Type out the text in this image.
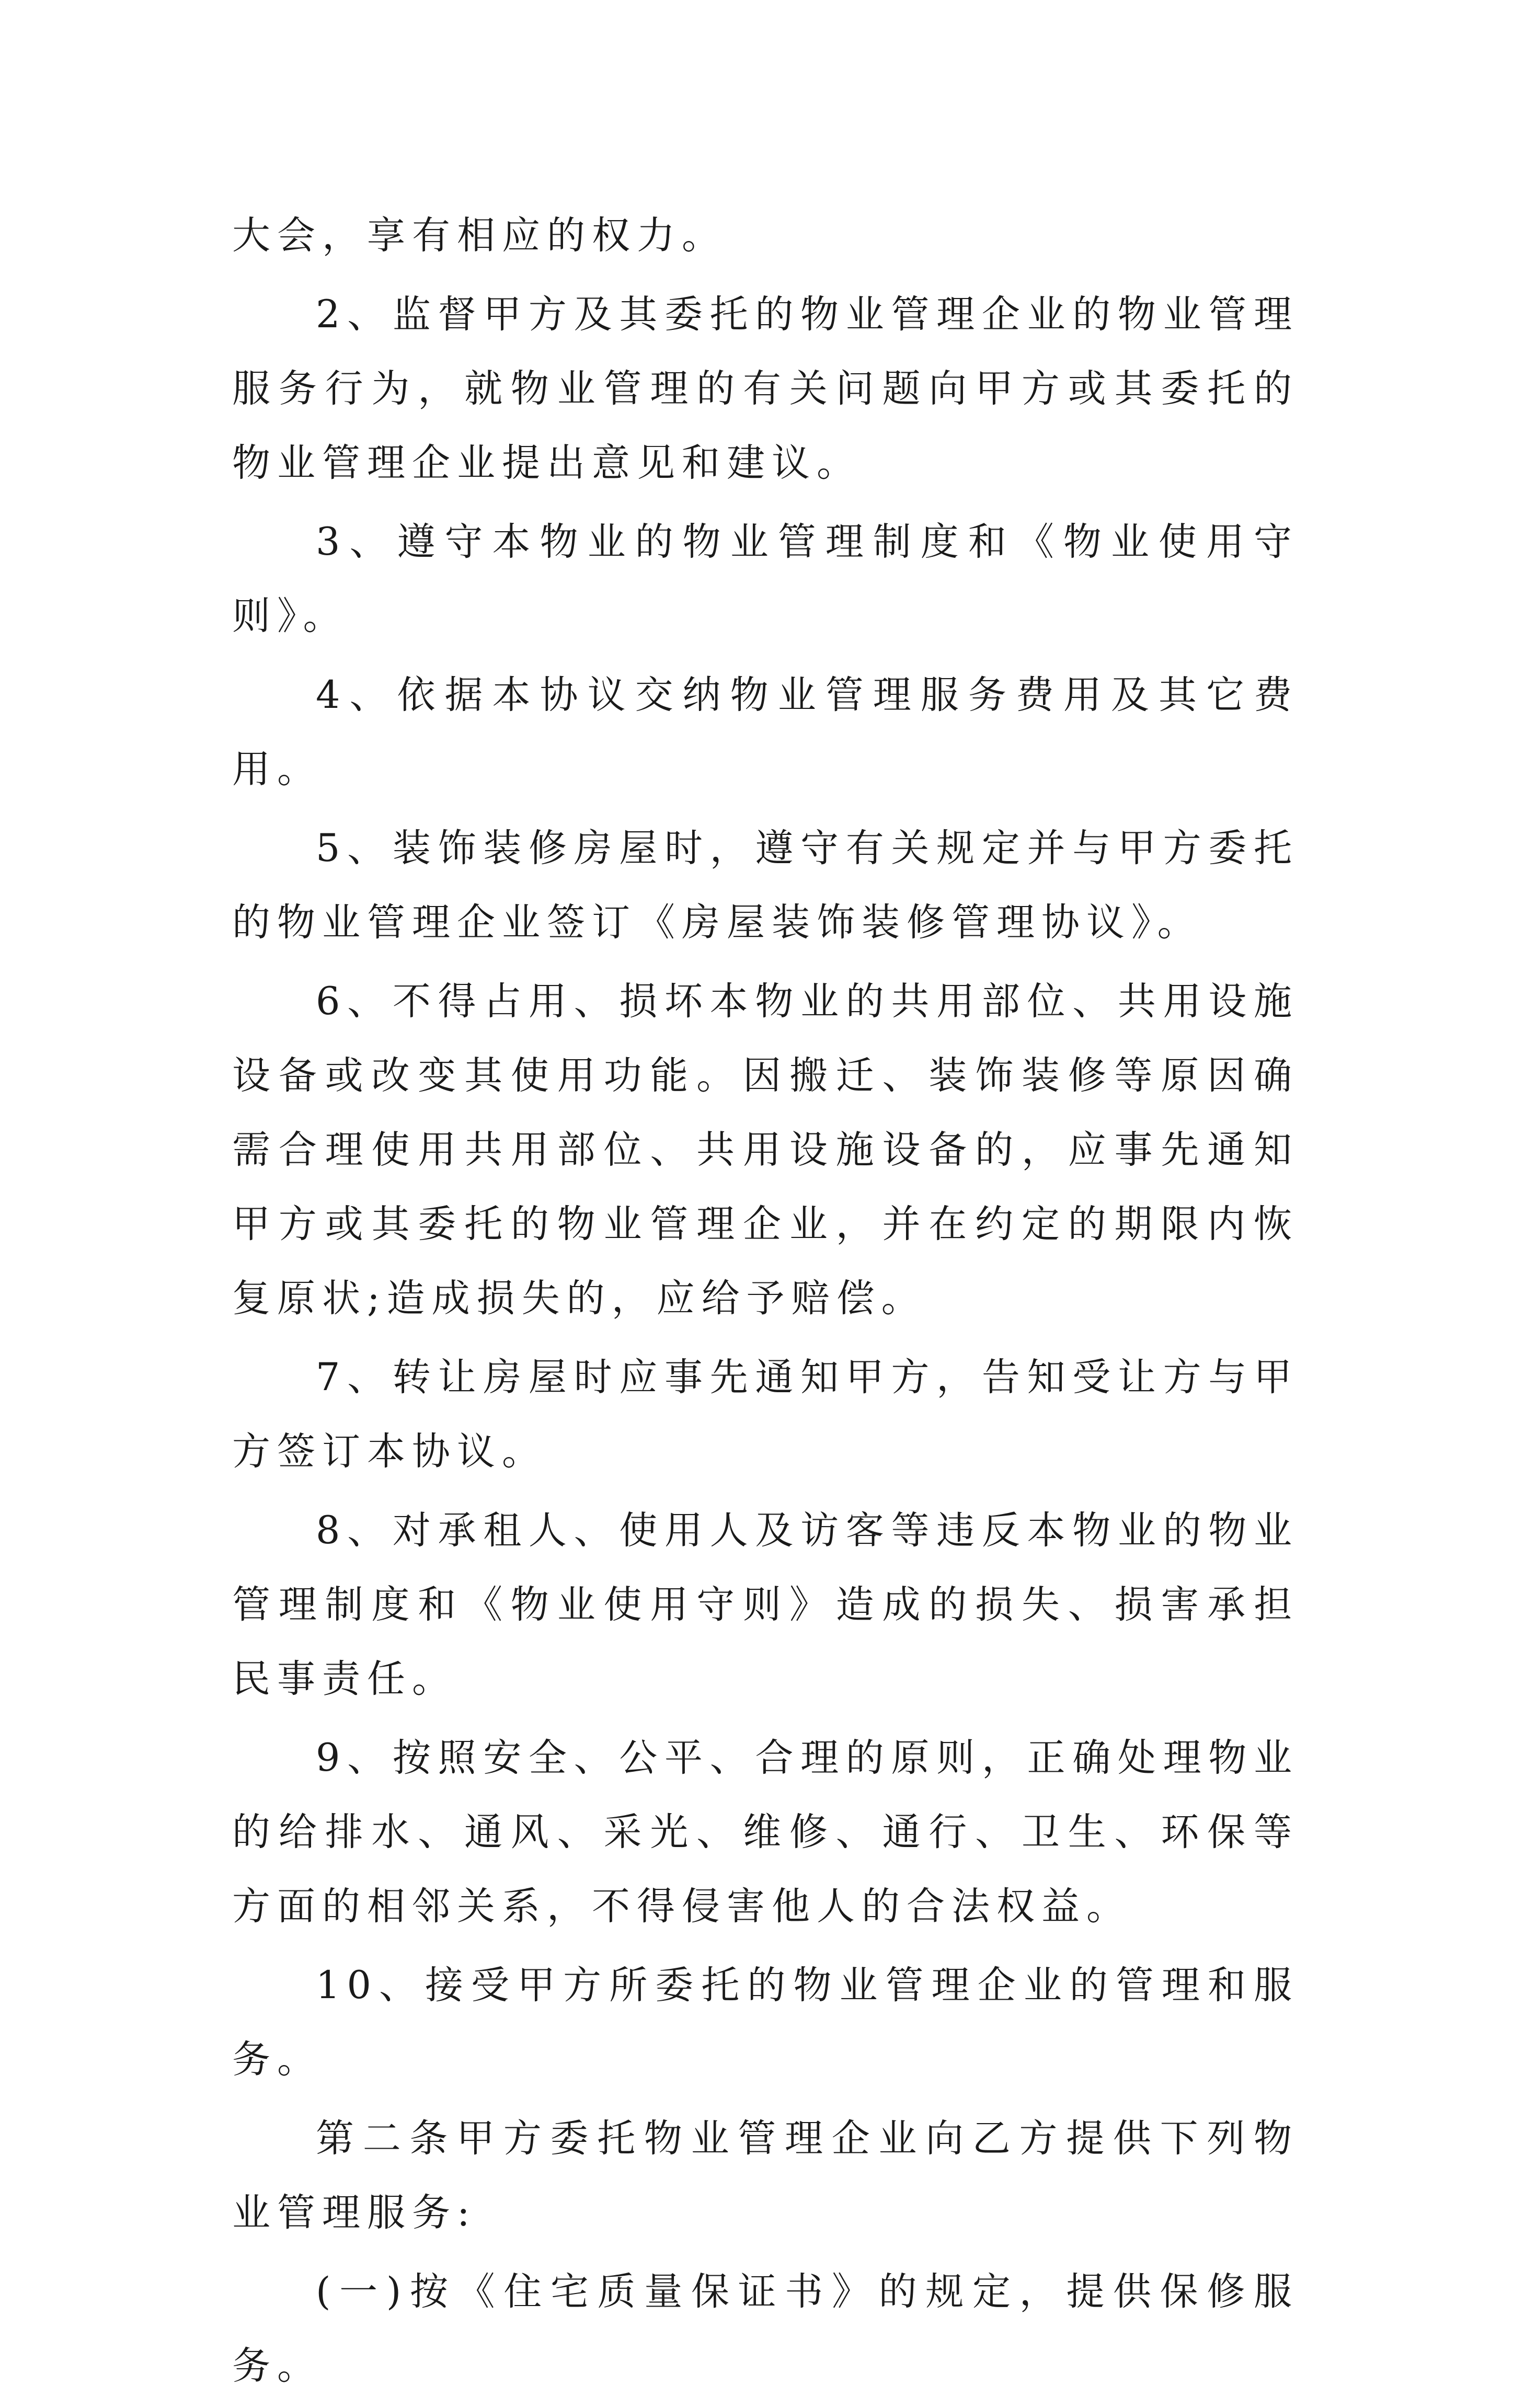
大会，享有相应的权力。

2、监督甲方及其委托的物业管理企业的物业管理服务行为，就物业管理的有关问题向甲方或其委托的物业管理企业提出意见和建议。

3、遵守本物业的物业管理制度和《物业使用守则》。

4、依据本协议交纳物业管理服务费用及其它费用。

5、装饰装修房屋时，遵守有关规定并与甲方委托的物业管理企业签订《房屋装饰装修管理协议》。

6、不得占用、损坏本物业的共用部位、共用设施设备或改变其使用功能。因搬迁、装饰装修等原因确需合理使用共用部位、共用设施设备的，应事先通知甲方或其委托的物业管理企业，并在约定的期限内恢复原状;造成损失的，应给予赔偿。

7、转让房屋时应事先通知甲方，告知受让方与甲方签订本协议。

8、对承租人、使用人及访客等违反本物业的物业管理制度和《物业使用守则》造成的损失、损害承担民事责任。

9、按照安全、公平、合理的原则，正确处理物业的给排水、通风、采光、维修、通行、卫生、环保等方面的相邻关系，不得侵害他人的合法权益。

10、接受甲方所委托的物业管理企业的管理和服务。

第二条甲方委托物业管理企业向乙方提供下列物业管理服务:

(一)按《住宅质量保证书》的规定，提供保修服务。
